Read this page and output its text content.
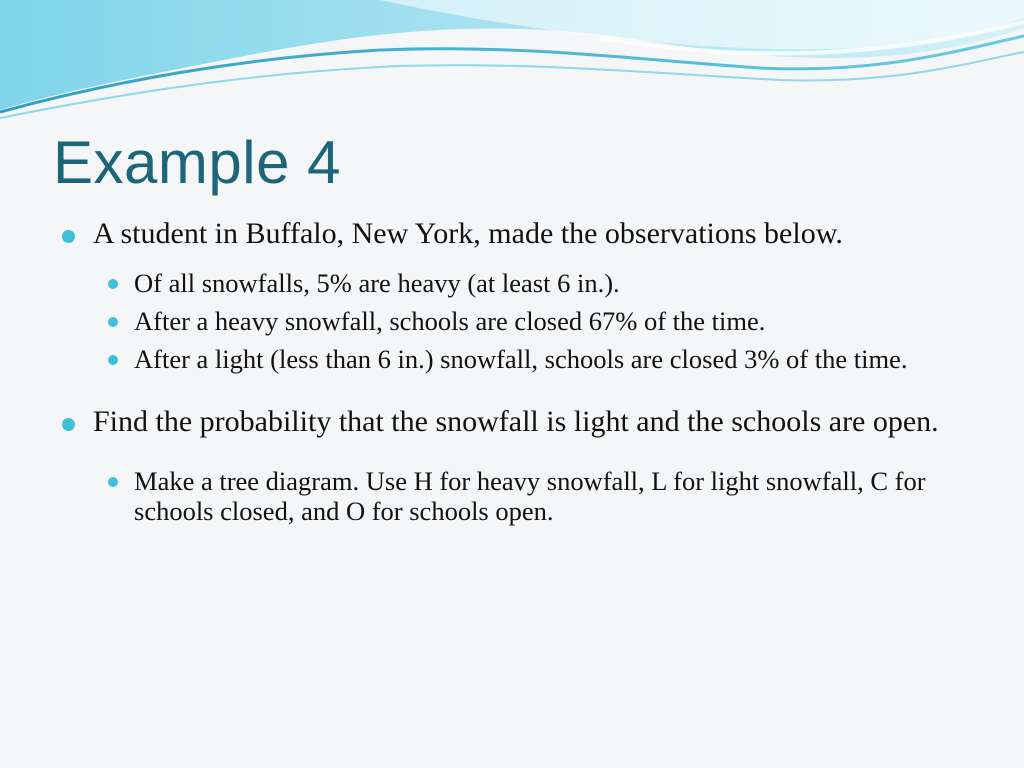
Example 4
A student in Buffalo, New York, made the observations below.
Of all snowfalls, 5% are heavy (at least 6 in.).
After a heavy snowfall, schools are closed 67% of the time.
After a light (less than 6 in.) snowfall, schools are closed 3% of the time.
Find the probability that the snowfall is light and the schools are open.
Make a tree diagram. Use H for heavy snowfall, L for light snowfall, C for schools closed, and O for schools open.
